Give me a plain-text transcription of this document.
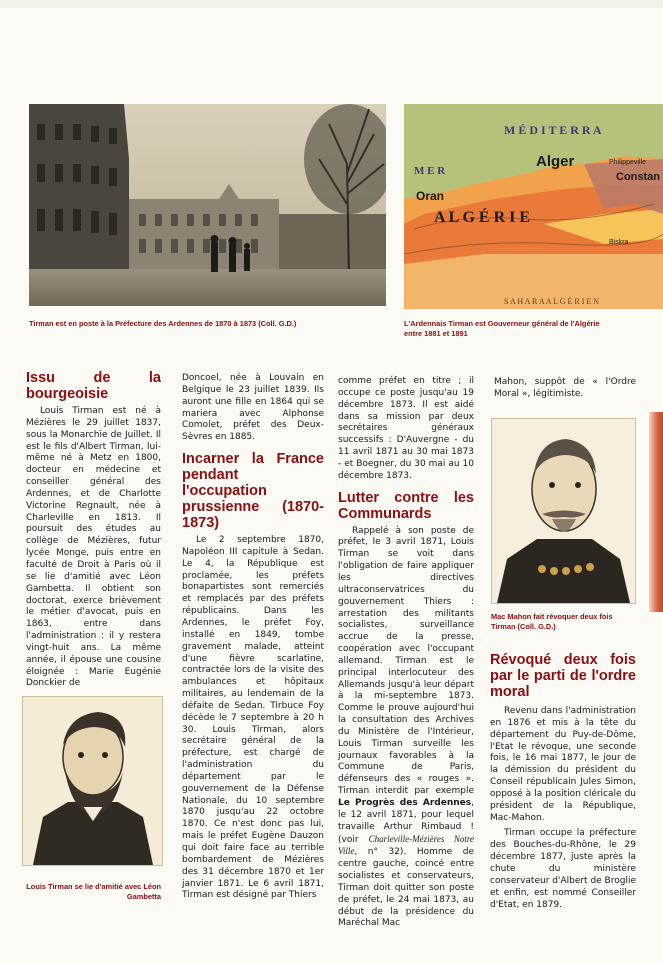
Tirman est en poste à la Préfecture des Ardennes de 1870 à 1873 (Coll. G.D.)
M É D I T E R R A
M E R
Alger
Oran
Constan
Philippeville
Biskra
A L G É R I E
S A H A R A A L G É R I E N
L'Ardennais Tirman est Gouverneur général de l'Algérie entre 1881 et 1891
Issu de la bourgeoisie

Louis Tirman est né à Mézières le 29 juillet 1837, sous la Monarchie de Juillet. Il est le fils d'Albert Tirman, lui-même né à Metz en 1800, docteur en médecine et conseiller général des Ardennes, et de Charlotte Victorine Regnault, née à Charleville en 1813. Il poursuit des études au collège de Mézières, futur lycée Monge, puis entre en faculté de Droit à Paris où il se lie d'amitié avec Léon Gambetta. Il obtient son doctorat, exerce brièvement le métier d'avocat, puis en 1863, entre dans l'administration : il y restera vingt-huit ans. La même année, il épouse une cousine éloignée : Marie Eugénie Donckier de

Louis Tirman se lie d'amitié avec Léon Gambetta

Doncoel, née à Louvain en Belgique le 23 juillet 1839. Ils auront une fille en 1864 qui se mariera avec Alphonse Comolet, préfet des Deux-Sèvres en 1885.

Incarner la France pendant l'occupation prussienne (1870-1873)

Le 2 septembre 1870, Napoléon III capitule à Sedan. Le 4, la République est proclamée, les préfets bonapartistes sont remerciés et remplacés par des préfets républicains. Dans les Ardennes, le préfet Foy, installé en 1849, tombe gravement malade, atteint d'une fièvre scarlatine, contractée lors de la visite des ambulances et hôpitaux militaires, au lendemain de la défaite de Sedan. Tirbuce Foy décède le 7 septembre à 20 h 30. Louis Tirman, alors secrétaire général de la préfecture, est chargé de l'administration du département par le gouvernement de la Défense Nationale, du 10 septembre 1870 jusqu'au 22 octobre 1870. Ce n'est donc pas lui, mais le préfet Eugène Dauzon qui doit faire face au terrible bombardement de Mézières des 31 décembre 1870 et 1er janvier 1871. Le 6 avril 1871, Tirman est désigné par Thiers

comme préfet en titre ; il occupe ce poste jusqu'au 19 décembre 1873. Il est aidé dans sa mission par deux secrétaires généraux successifs : D'Auvergne - du 11 avril 1871 au 30 mai 1873 - et Boegner, du 30 mai au 10 décembre 1873.

Lutter contre les Communards

Rappelé à son poste de préfet, le 3 avril 1871, Louis Tirman se voit dans l'obligation de faire appliquer les directives ultraconservatrices du gouvernement Thiers : arrestation des militants socialistes, surveillance accrue de la presse, coopération avec l'occupant allemand. Tirman est le principal interlocuteur des Allemands jusqu'à leur départ à la mi-septembre 1873. Comme le prouve aujourd'hui la consultation des Archives du Ministère de l'Intérieur, Louis Tirman surveille les journaux favorables à la Commune de Paris, défenseurs des « rouges ». Tirman interdit par exemple Le Progrès des Ardennes, le 12 avril 1871, pour lequel travaille Arthur Rimbaud ! (voir Charleville-Mézières Notre Ville, n° 32). Homme de centre gauche, coincé entre socialistes et conservateurs, Tirman doit quitter son poste de préfet, le 24 mai 1873, au début de la présidence du Maréchal Mac

Mahon, suppôt de « l'Ordre Moral », légitimiste.

Mac Mahon fait révoquer deux fois Tirman (Coll. G.D.)
Révoqué deux fois par le parti de l'ordre moral

Revenu dans l'administration en 1876 et mis à la tête du département du Puy-de-Dôme, l'Etat le révoque, une seconde fois, le 16 mai 1877, le jour de la démission du président du Conseil républicain Jules Simon, opposé à la position cléricale du président de la République, Mac-Mahon.

Tirman occupe la préfecture des Bouches-du-Rhône, le 29 décembre 1877, juste après la chute du ministère conservateur d'Albert de Broglie et enfin, est nommé Conseiller d'Etat, en 1879.
